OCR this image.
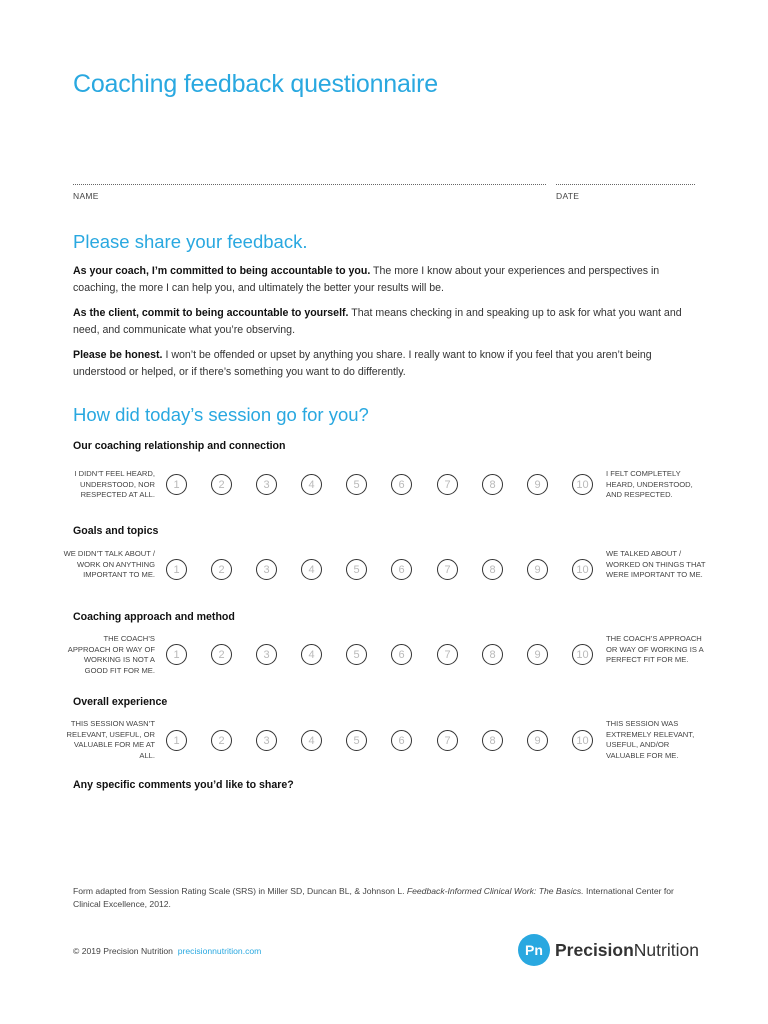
Coaching feedback questionnaire
NAME	DATE
Please share your feedback.
As your coach, I’m committed to being accountable to you. The more I know about your experiences and perspectives in coaching, the more I can help you, and ultimately the better your results will be.
As the client, commit to being accountable to yourself. That means checking in and speaking up to ask for what you want and need, and communicate what you’re observing.
Please be honest. I won’t be offended or upset by anything you share. I really want to know if you feel that you aren’t being understood or helped, or if there’s something you want to do differently.
How did today’s session go for you?
Our coaching relationship and connection
I DIDN’T FEEL HEARD, UNDERSTOOD, NOR RESPECTED AT ALL.
I FELT COMPLETELY HEARD, UNDERSTOOD, AND RESPECTED.
1	2	3	4	5	6	7	8	9	10
Goals and topics
WE DIDN’T TALK ABOUT / WORK ON ANYTHING IMPORTANT TO ME.
WE TALKED ABOUT / WORKED ON THINGS THAT WERE IMPORTANT TO ME.
1	2	3	4	5	6	7	8	9	10
Coaching approach and method
THE COACH’S APPROACH OR WAY OF WORKING IS NOT A GOOD FIT FOR ME.
THE COACH’S APPROACH OR WAY OF WORKING IS A PERFECT FIT FOR ME.
1	2	3	4	5	6	7	8	9	10
Overall experience
THIS SESSION WASN’T RELEVANT, USEFUL, OR VALUABLE FOR ME AT ALL.
THIS SESSION WAS EXTREMELY RELEVANT, USEFUL, AND/OR VALUABLE FOR ME.
1	2	3	4	5	6	7	8	9	10
Any specific comments you’d like to share?
Form adapted from Session Rating Scale (SRS) in Miller SD, Duncan BL, & Johnson L. Feedback-Informed Clinical Work: The Basics. International Center for Clinical Excellence, 2012.
© 2019 Precision Nutrition precisionnutrition.com	Pn PrecisionNutrition
